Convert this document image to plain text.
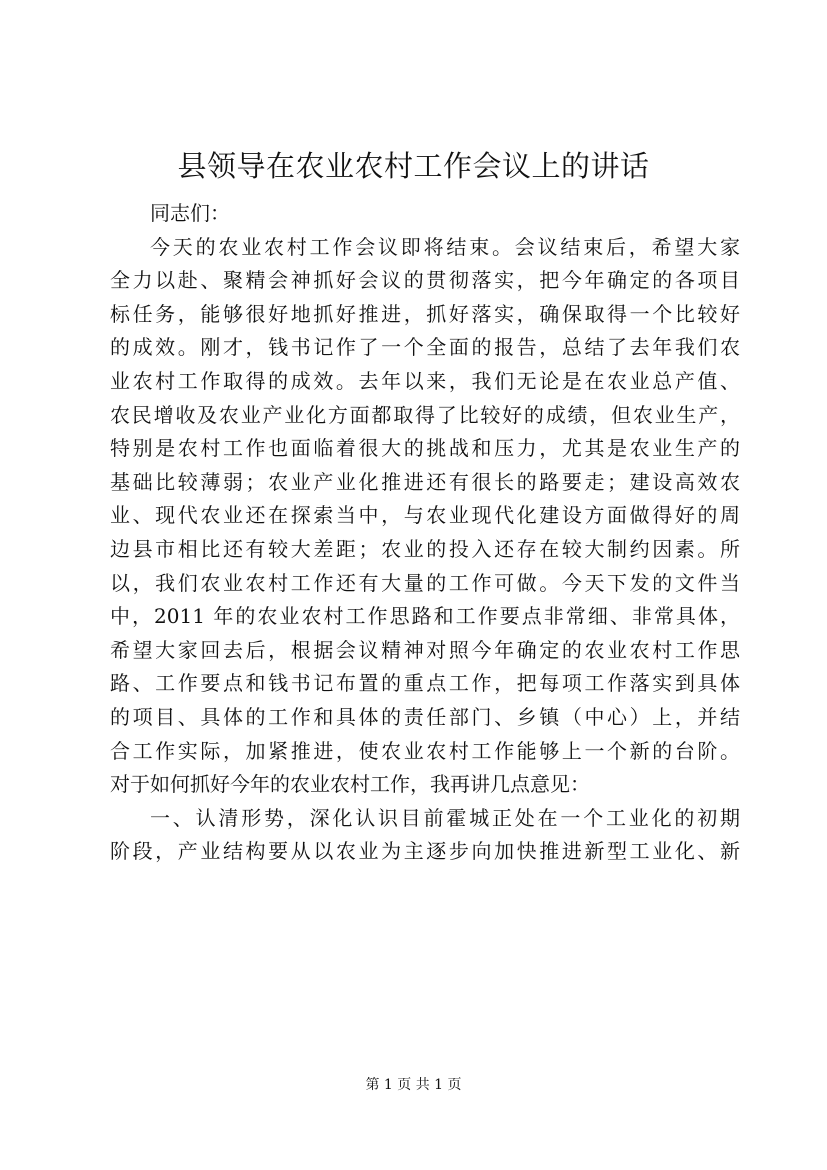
县领导在农业农村工作会议上的讲话
同志们：
今天的农业农村工作会议即将结束。会议结束后，希望大家
全力以赴、聚精会神抓好会议的贯彻落实，把今年确定的各项目
标任务，能够很好地抓好推进，抓好落实，确保取得一个比较好
的成效。刚才，钱书记作了一个全面的报告，总结了去年我们农
业农村工作取得的成效。去年以来，我们无论是在农业总产值、
农民增收及农业产业化方面都取得了比较好的成绩，但农业生产，
特别是农村工作也面临着很大的挑战和压力，尤其是农业生产的
基础比较薄弱；农业产业化推进还有很长的路要走；建设高效农
业、现代农业还在探索当中，与农业现代化建设方面做得好的周
边县市相比还有较大差距；农业的投入还存在较大制约因素。所
以，我们农业农村工作还有大量的工作可做。今天下发的文件当
中，2011 年的农业农村工作思路和工作要点非常细、非常具体，
希望大家回去后，根据会议精神对照今年确定的农业农村工作思
路、工作要点和钱书记布置的重点工作，把每项工作落实到具体
的项目、具体的工作和具体的责任部门、乡镇（中心）上，并结
合工作实际，加紧推进，使农业农村工作能够上一个新的台阶。
对于如何抓好今年的农业农村工作，我再讲几点意见：
一、认清形势，深化认识目前霍城正处在一个工业化的初期
阶段，产业结构要从以农业为主逐步向加快推进新型工业化、新
第 1 页 共 1 页
